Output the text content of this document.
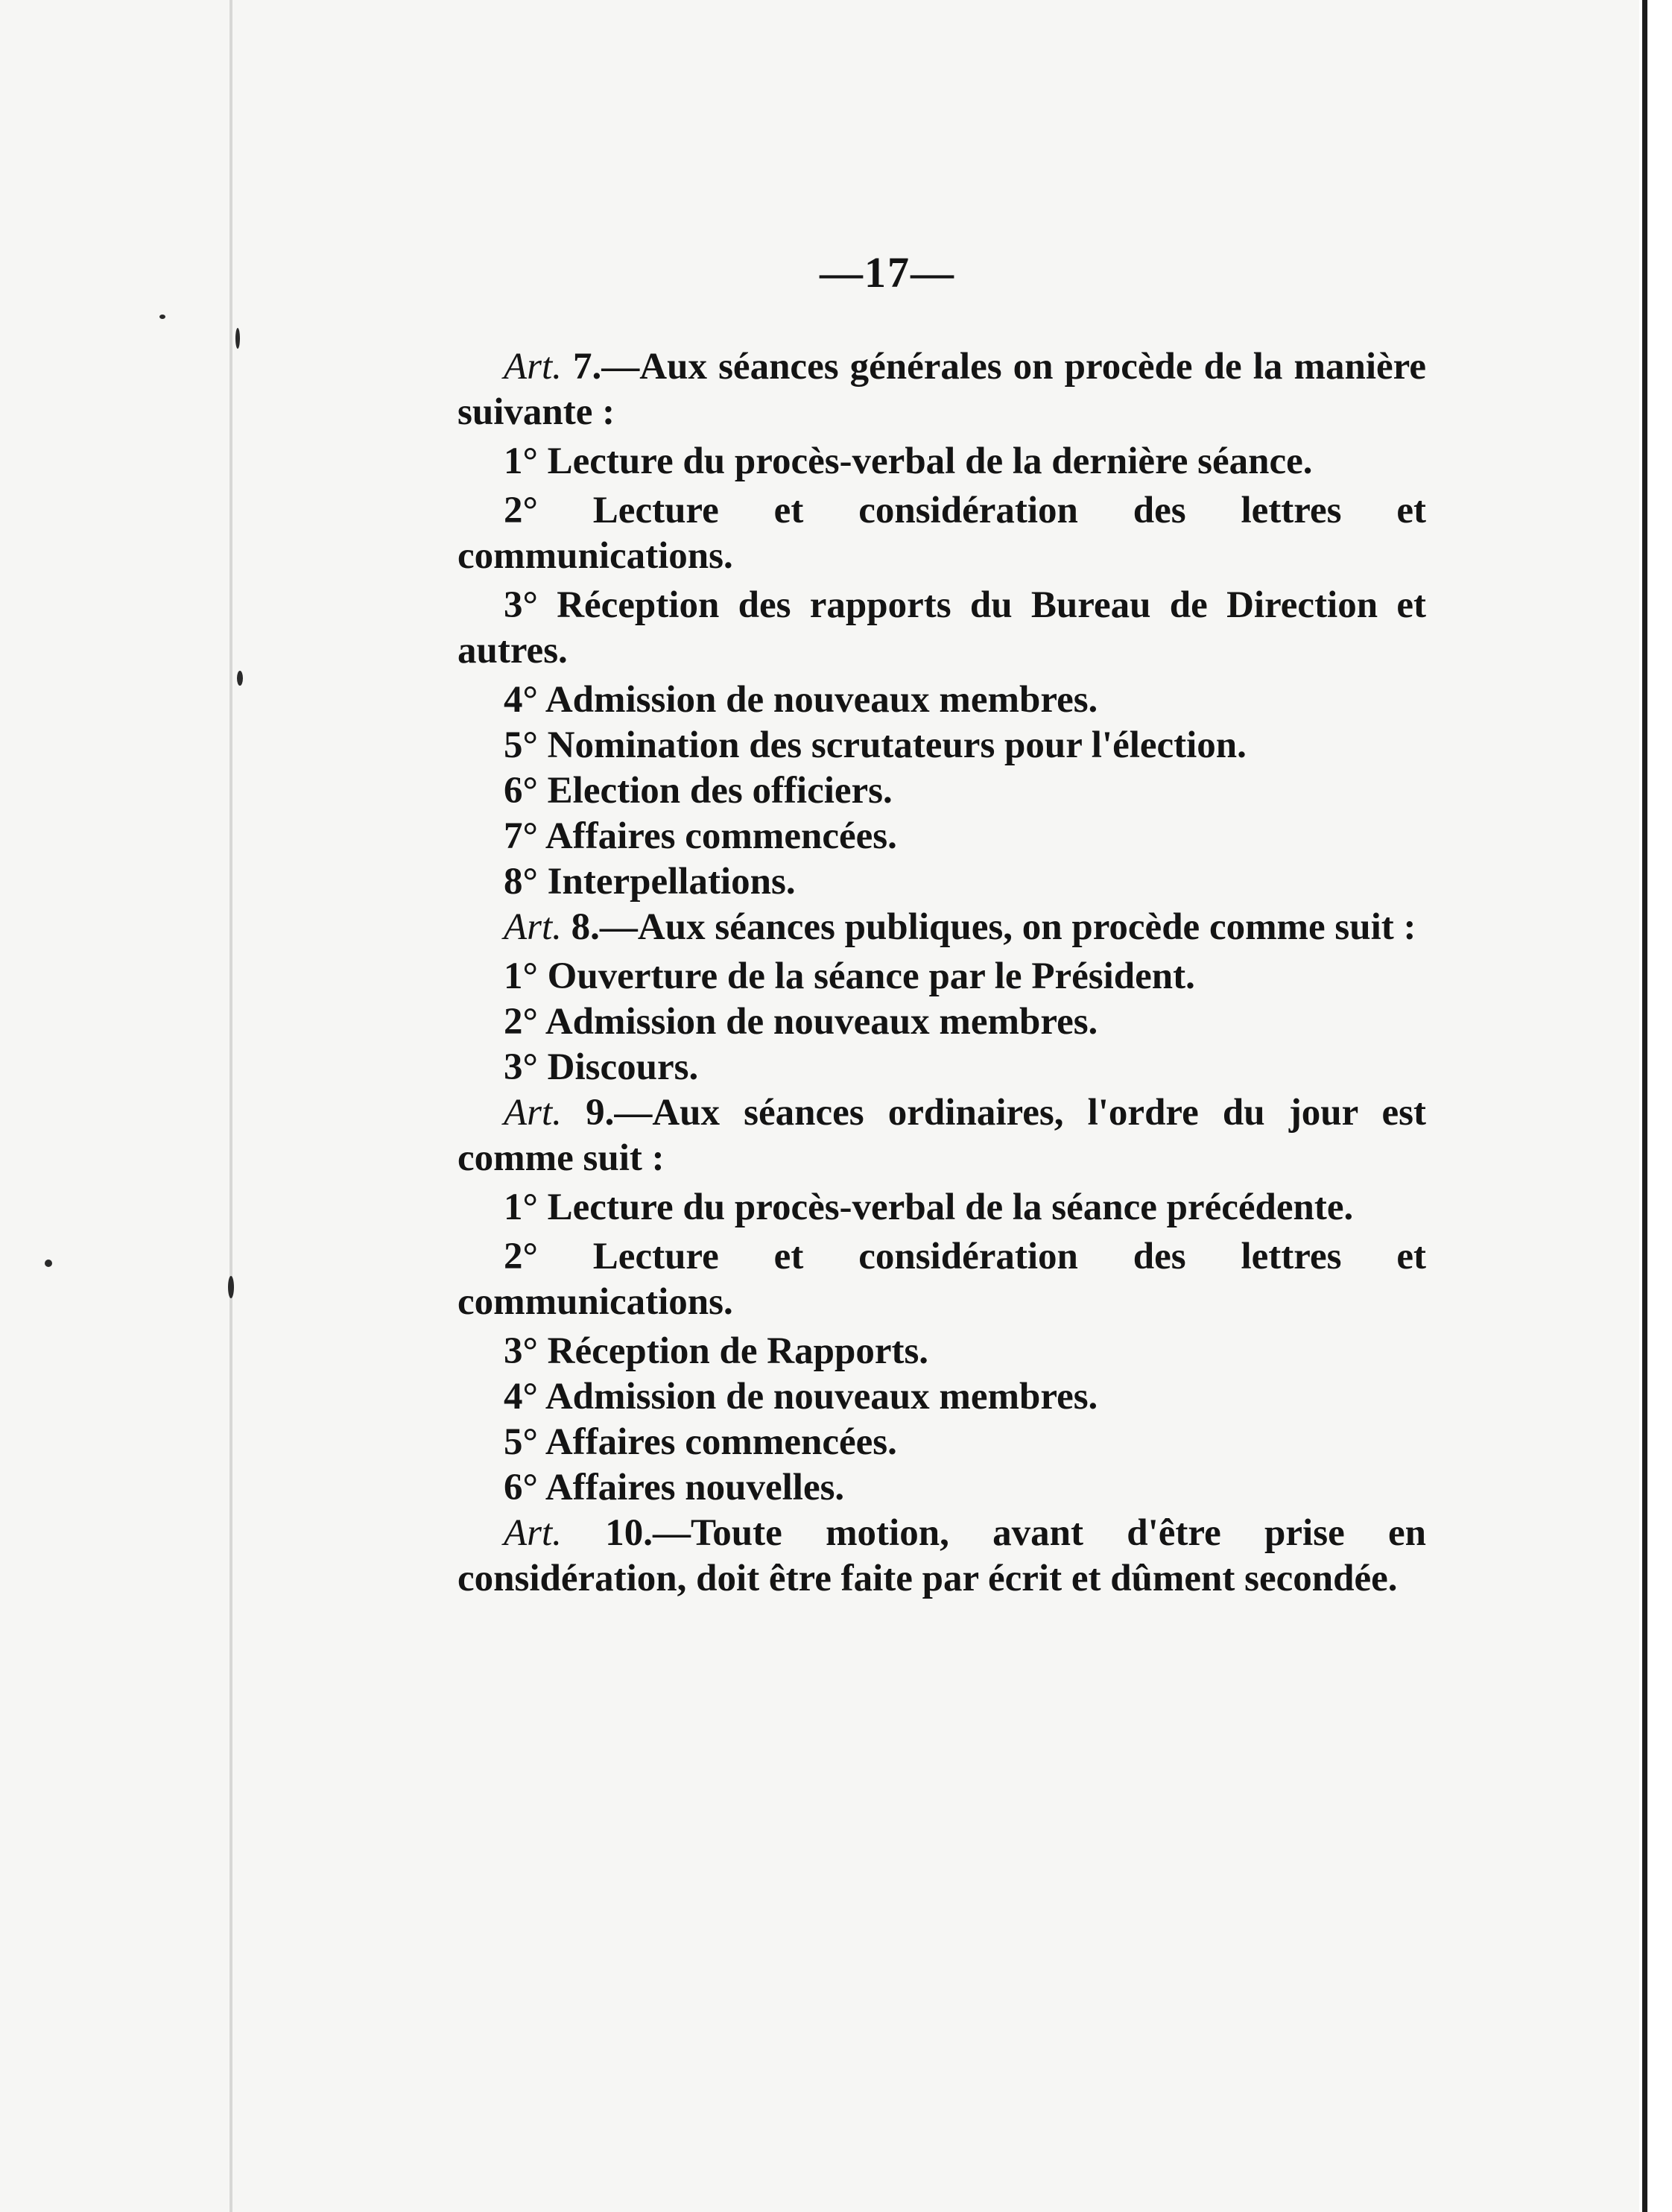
—17—

Art. 7.—Aux séances générales on procède de la manière suivante :

1° Lecture du procès-verbal de la dernière séance.

2° Lecture et considération des lettres et communications.

3° Réception des rapports du Bureau de Direction et autres.

4° Admission de nouveaux membres.

5° Nomination des scrutateurs pour l'élection.

6° Election des officiers.

7° Affaires commencées.

8° Interpellations.

Art. 8.—Aux séances publiques, on procède comme suit :

1° Ouverture de la séance par le Président.

2° Admission de nouveaux membres.

3° Discours.

Art. 9.—Aux séances ordinaires, l'ordre du jour est comme suit :

1° Lecture du procès-verbal de la séance précédente.

2° Lecture et considération des lettres et communications.

3° Réception de Rapports.

4° Admission de nouveaux membres.

5° Affaires commencées.

6° Affaires nouvelles.

Art. 10.—Toute motion, avant d'être prise en considération, doit être faite par écrit et dûment secondée.
